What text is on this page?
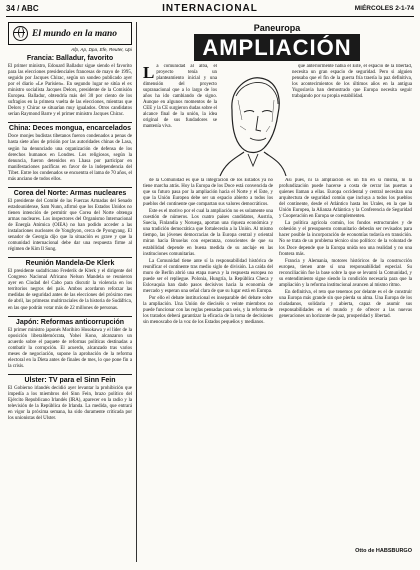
34 / ABC	INTERNACIONAL	MIÉRCOLES 2-1-74
El mundo en la mano
Afp, Ap, Dpa, Efe, Reuter, Upi
Francia: Balladur, favorito

El primer ministro, Edouard Balladur sigue siendo el favorito para las elecciones presidenciales francesas de mayo de 1995, seguido por Jacques Chirac, según un sondeo publicado ayer por el diario «Le Parisien». En segundo lugar se sitúa el ex ministro socialista Jacques Delors, presidente de la Comisión Europea. Balladur, obtendría más del 30 por ciento de los sufragios en la primera vuelta de las elecciones, mientras que Delors y Chirac se situarían muy igualados. Otros candidatos serían Raymond Barre y el primer ministro Jacques Chirac.

China: Deces mongua, encarcelados

Doce monjes budistas tibetanos fueron condenados a penas de hasta siete años de prisión por las autoridades chinas de Lasa, según ha denunciado una organización de defensa de los derechos humanos en Londres. Los religiosos, según la denuncia, fueron detenidos en Lhasa por participar en manifestaciones pacíficas en favor de la independencia del Tíbet. Entre los condenados se encuentra el lama de 70 años, el más anciano de todos ellos.

Corea del Norte: Armas nucleares

El presidente del Comité de las Fuerzas Armadas del Senado estadounidense, Sam Nunn, afirmó que los Estados Unidos no tienen intención de permitir que Corea del Norte obtenga armas nucleares. Los inspectores del Organismo Internacional de Energía Atómica (OIEA) no han podido acceder a las instalaciones nucleares de Yongbyon, cerca de Pyongyang. El senador de Georgia dijo que la situación es grave y que la comunidad internacional debe dar una respuesta firme al régimen de Kim Il Sung.

Reunión Mandela-De Klerk

El presidente sudafricano Frederik de Klerk y el dirigente del Congreso Nacional Africano Nelson Mandela se reunieron ayer en Ciudad del Cabo para discutir la violencia en los territorios negros del país. Ambos acordaron reforzar las medidas de seguridad antes de las elecciones del próximo mes de abril, las primeras multirraciales de la historia de Sudáfrica, en las que podrán votar más de 22 millones de personas.

Japón: Reformas anticorrupción

El primer ministro japonés Morihiro Hosokawa y el líder de la oposición liberaldemócrata, Yohei Kono, alcanzaron un acuerdo sobre el paquete de reformas políticas destinadas a combatir la corrupción. El acuerdo, alcanzado tras varios meses de negociación, supone la aprobación de la reforma electoral en la Dieta antes de finales de mes, lo que pone fin a la crisis.

Ulster: TV para el Sinn Fein

El Gobierno irlandés decidió ayer levantar la prohibición que impedía a los miembros del Sinn Fein, brazo político del Ejército Republicano Irlandés (IRA), aparecer en la radio y la televisión de la República de Irlanda. La medida, que entrará en vigor la próxima semana, ha sido duramente criticada por los unionistas del Ulster.

Paneuropa
AMPLIACIÓN
L a comunidad al alba, el proyecto tenía un planteamiento inicial y una dimensión del proyecto supranacional que a lo largo de los años ha ido cambiando de signo. Aunque en algunos momentos de la CEE y la CE surgieron dudas sobre el alcance final de la unión, la idea original de sus fundadores se mantenía viva.

de la Comunidad es que la integración de los Estados ya no tiene marcha atrás. Hoy la Europa de los Doce está convencida de que su futuro pasa por la ampliación hacia el Norte y el Este, y que la Unión Europea debe ser un espacio abierto a todos los pueblos del continente que compartan sus valores democráticos.

Este es el motivo por el cual la ampliación no es solamente una cuestión de números. Los cuatro países candidatos, Austria, Suecia, Finlandia y Noruega, aportan una riqueza económica y una tradición democrática que fortalecerán a la Unión. Al mismo tiempo, las jóvenes democracias de la Europa central y oriental miran hacia Bruselas con esperanza, conscientes de que su estabilidad depende en buena medida de su anclaje en las instituciones comunitarias.

La Comunidad tiene ante sí la responsabilidad histórica de reunificar el continente tras medio siglo de división. La caída del muro de Berlín abrió una etapa nueva y la respuesta europea no puede ser el repliegue. Polonia, Hungría, la República Checa y Eslovaquia han dado pasos decisivos hacia la economía de mercado y esperan una señal clara de que su lugar está en Europa.

Por ello el debate institucional es inseparable del debate sobre la ampliación. Una Unión de dieciséis o veinte miembros no puede funcionar con las reglas pensadas para seis, y la reforma de los tratados deberá garantizar la eficacia de la toma de decisiones sin menoscabo de la voz de los Estados pequeños y medianos.

que anteriormente había el Este, el espacio de la libertad, necesita un gran espacio de seguridad. Pero si alguien pensaba que el fin de la guerra fría traería la paz definitiva, los acontecimientos de los últimos años en la antigua Yugoslavia han demostrado que Europa necesita seguir trabajando por su propia estabilidad.

Así pues, ni la ampliación es un fin en sí misma, ni la profundización puede hacerse a costa de cerrar las puertas a quienes llaman a ellas. Europa occidental y central necesitan una arquitectura de seguridad común que incluya a todos los pueblos del continente, desde el Atlántico hasta los Urales, en la que la Unión Europea, la Alianza Atlántica y la Conferencia de Seguridad y Cooperación en Europa se complementen.

La política agrícola común, los fondos estructurales y de cohesión y el presupuesto comunitario deberán ser revisados para hacer posible la incorporación de economías todavía en transición. No se trata de un problema técnico sino político: de la voluntad de los Doce depende que la Europa unida sea una realidad y no una frontera más.

Francia y Alemania, motores históricos de la construcción europea, tienen ante sí una responsabilidad especial. Su reconciliación fue la base sobre la que se levantó la Comunidad, y su entendimiento sigue siendo la condición necesaria para que la ampliación y la reforma institucional avancen al mismo ritmo.

En definitiva, el reto que tenemos por delante es el de construir una Europa más grande sin que pierda su alma. Una Europa de los ciudadanos, solidaria y abierta, capaz de asumir sus responsabilidades en el mundo y de ofrecer a las nuevas generaciones un horizonte de paz, prosperidad y libertad.

Otto de HABSBURGO
